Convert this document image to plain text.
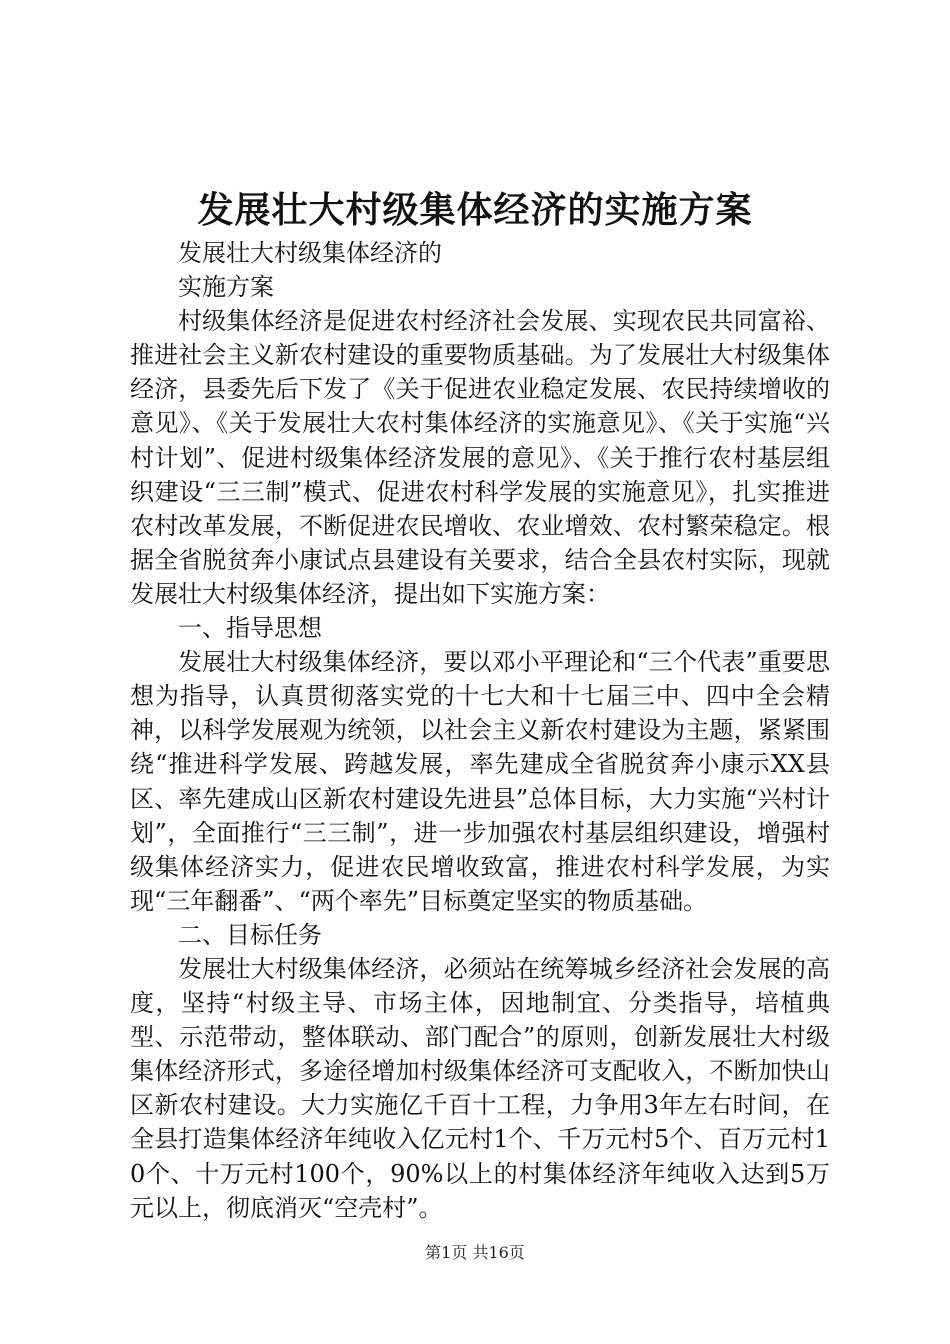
发展壮大村级集体经济的实施方案

发展壮大村级集体经济的

实施方案

村级集体经济是促进农村经济社会发展、实现农民共同富裕、推进社会主义新农村建设的重要物质基础。为了发展壮大村级集体经济，县委先后下发了《关于促进农业稳定发展、农民持续增收的意见》、《关于发展壮大农村集体经济的实施意见》、《关于实施“兴村计划”、促进村级集体经济发展的意见》、《关于推行农村基层组织建设“三三制”模式、促进农村科学发展的实施意见》，扎实推进农村改革发展，不断促进农民增收、农业增效、农村繁荣稳定。根据全省脱贫奔小康试点县建设有关要求，结合全县农村实际，现就发展壮大村级集体经济，提出如下实施方案：

一、指导思想

发展壮大村级集体经济，要以邓小平理论和“三个代表”重要思想为指导，认真贯彻落实党的十七大和十七届三中、四中全会精神，以科学发展观为统领，以社会主义新农村建设为主题，紧紧围绕“推进科学发展、跨越发展，率先建成全省脱贫奔小康示XX县区、率先建成山区新农村建设先进县”总体目标，大力实施“兴村计划”，全面推行“三三制”，进一步加强农村基层组织建设，增强村级集体经济实力，促进农民增收致富，推进农村科学发展，为实现“三年翻番”、“两个率先”目标奠定坚实的物质基础。

二、目标任务

发展壮大村级集体经济，必须站在统筹城乡经济社会发展的高度，坚持“村级主导、市场主体，因地制宜、分类指导，培植典型、示范带动，整体联动、部门配合”的原则，创新发展壮大村级集体经济形式，多途径增加村级集体经济可支配收入，不断加快山区新农村建设。大力实施亿千百十工程，力争用3年左右时间，在全县打造集体经济年纯收入亿元村1个、千万元村5个、百万元村10个、十万元村100个，90%以上的村集体经济年纯收入达到5万元以上，彻底消灭“空壳村”。

第1页 共16页
